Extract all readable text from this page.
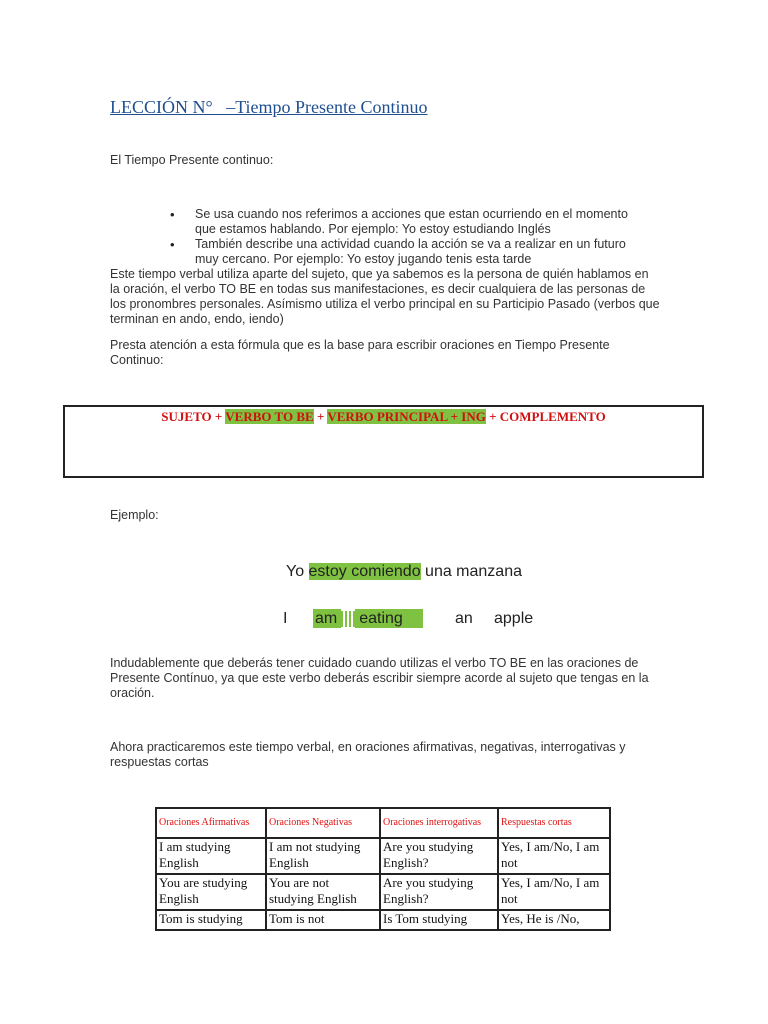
LECCIÓN N°   –Tiempo Presente Continuo
El Tiempo Presente continuo:
• Se usa cuando nos referimos a acciones que estan ocurriendo en el momento que estamos hablando. Por ejemplo: Yo estoy estudiando Inglés
• También describe una actividad cuando la acción se va a realizar en un futuro muy cercano. Por ejemplo: Yo estoy jugando tenis esta tarde
Este tiempo verbal utiliza aparte del sujeto, que ya sabemos es la persona de quién hablamos en la oración, el verbo TO BE en todas sus manifestaciones, es decir cualquiera de las personas de los pronombres personales. Asímismo utiliza el verbo principal en su Participio Pasado (verbos que terminan en ando, endo, iendo)
Presta atención a esta fórmula que es la base para escribir oraciones en Tiempo Presente Continuo:
SUJETO + VERBO TO BE + VERBO PRINCIPAL + ING + COMPLEMENTO
Ejemplo:
Yo estoy comiendo una manzana
I am eating	an apple
Indudablemente que deberás tener cuidado cuando utilizas el verbo TO BE en las oraciones de Presente Contínuo, ya que este verbo deberás escribir siempre acorde al sujeto que tengas en la oración.
Ahora practicaremos este tiempo verbal, en oraciones afirmativas, negativas, interrogativas y respuestas cortas
Oraciones Afirmativas	Oraciones Negativas	Oraciones interrogativas	Respuestas cortas
I am studying English	I am not studying English	Are you studying English?	Yes, I am/No, I am not
You are studying English	You are not studying English	Are you studying English?	Yes, I am/No, I am not
Tom is studying	Tom is not	Is Tom studying	Yes, He is /No,
